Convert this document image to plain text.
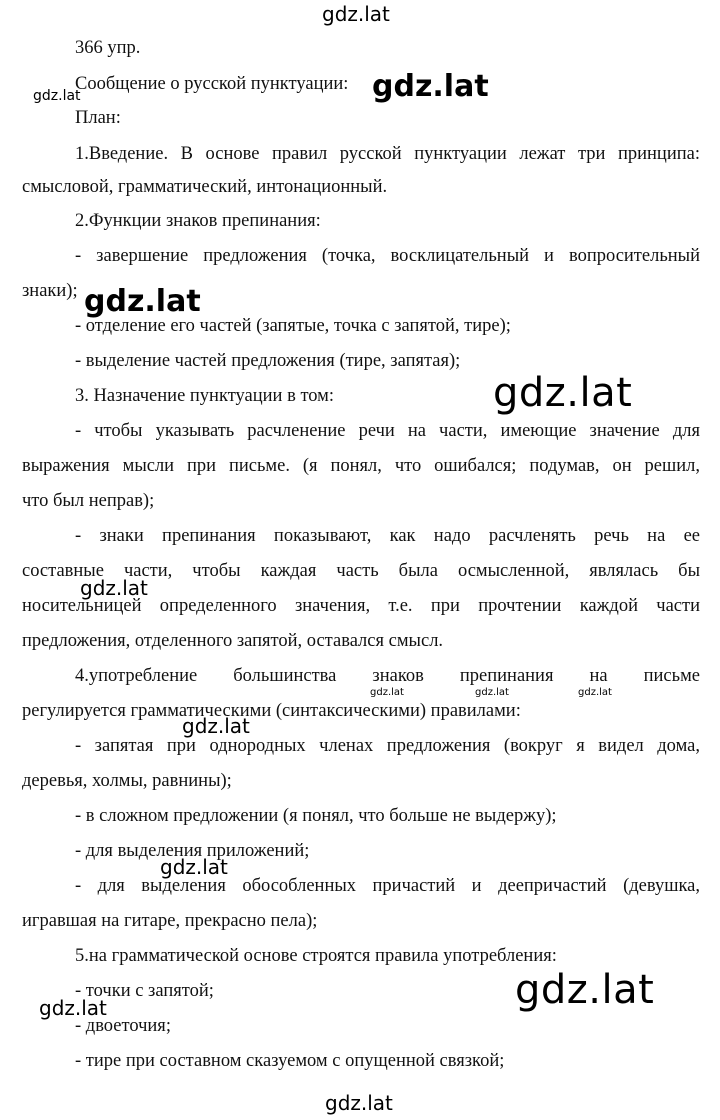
366 упр.
Сообщение о русской пунктуации:
План:
1.Введение. В основе правил русской пунктуации лежат три принципа:
смысловой, грамматический, интонационный.
2.Функции знаков препинания:
- завершение предложения (точка, восклицательный и вопросительный
знаки);
- отделение его частей (запятые, точка с запятой, тире);
- выделение частей предложения (тире, запятая);
3. Назначение пунктуации в том:
- чтобы указывать расчленение речи на части, имеющие значение для
выражения мысли при письме. (я понял, что ошибался; подумав, он решил,
что был неправ);
- знаки препинания показывают, как надо расчленять речь на ее
составные части, чтобы каждая часть была осмысленной, являлась бы
носительницей определенного значения, т.е. при прочтении каждой части
предложения, отделенного запятой, оставался смысл.
4.употребление большинства знаков препинания на письме
регулируется грамматическими (синтаксическими) правилами:
- запятая при однородных членах предложения (вокруг я видел дома,
деревья, холмы, равнины);
- в сложном предложении (я понял, что больше не выдержу);
- для выделения приложений;
- для выделения обособленных причастий и деепричастий (девушка,
игравшая на гитаре, прекрасно пела);
5.на грамматической основе строятся правила употребления:
- точки с запятой;
- двоеточия;
- тире при составном сказуемом с опущенной связкой;
gdz.lat
gdz.lat
gdz.lat
gdz.lat
gdz.lat
gdz.lat
gdz.lat	gdz.lat	gdz.lat
gdz.lat
gdz.lat
gdz.lat
gdz.lat
gdz.lat
